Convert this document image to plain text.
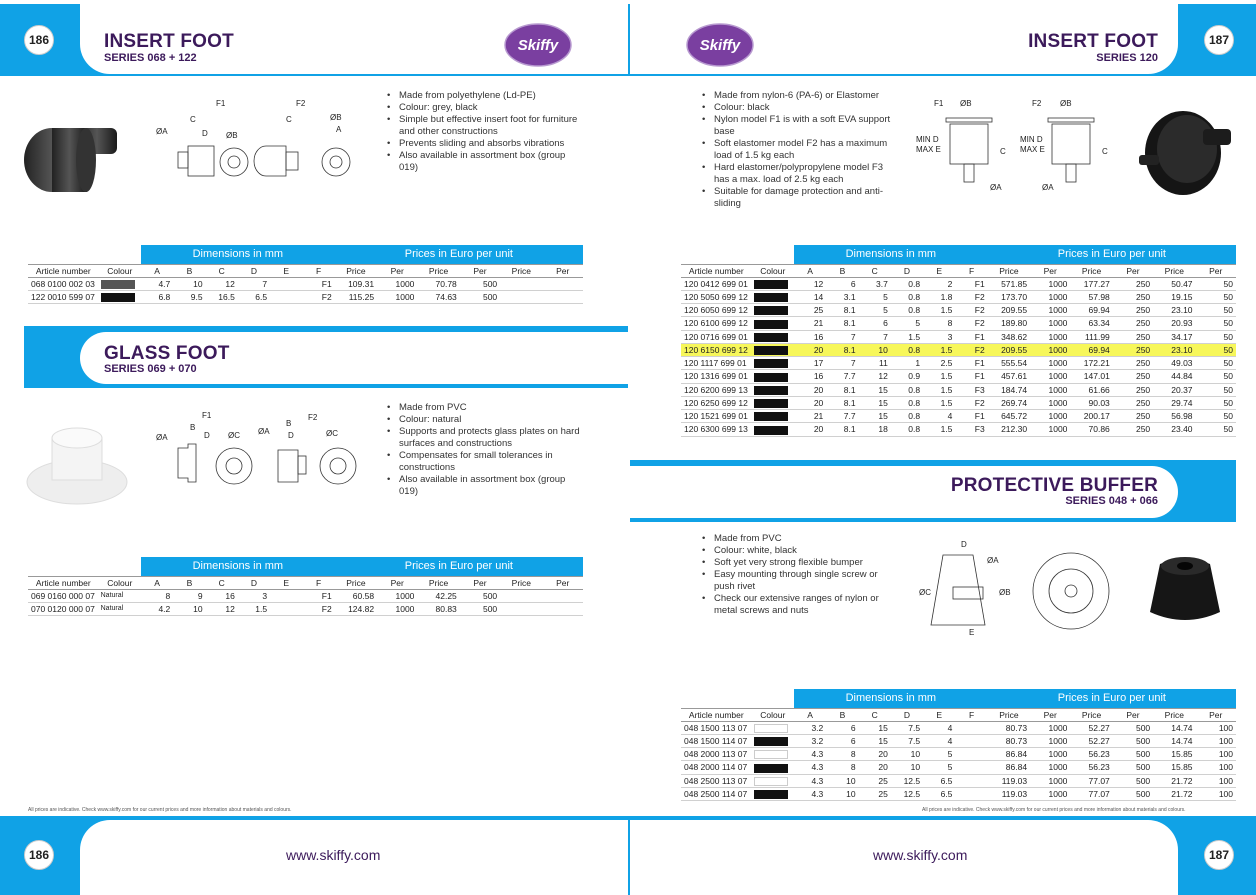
186	187
186	187
Skiffy	Skiffy
INSERT FOOT
SERIES 068 + 122
F1	F2
ØA
C
D ØB
C	ØB
A
• Made from polyethylene (Ld-PE)
• Colour: grey, black
• Simple but effective insert foot for furniture and other constructions
• Prevents sliding and absorbs vibrations
• Also available in assortment box (group 019)
		Dimensions in mm						Prices in Euro per unit					
Article number	Colour	A	B	C	D	E	F	Price	Per	Price	Per	Price	Per
068 0100 002 03		4.7	10	12	7		F1	109.31	1000	70.78	500		
122 0010 599 07		6.8	9.5	16.5	6.5		F2	115.25	1000	74.63	500		
GLASS FOOT
SERIES 069 + 070
F1	F2
ØA
B
D ØC ØA
B
D	ØC
• Made from PVC
• Colour: natural
• Supports and protects glass plates on hard surfaces and constructions
• Compensates for small tolerances in constructions
• Also available in assortment box (group 019)
		Dimensions in mm						Prices in Euro per unit					
Article number	Colour	A	B	C	D	E	F	Price	Per	Price	Per	Price	Per
069 0160 000 07	Natural	8	9	16	3		F1	60.58	1000	42.25	500		
070 0120 000 07	Natural	4.2	10	12	1.5		F2	124.82	1000	80.83	500		
All prices are indicative. Check www.skiffy.com for our current prices and more information about materials and colours.
www.skiffy.com
INSERT FOOT
SERIES 120
• Made from nylon-6 (PA-6) or Elastomer
• Colour: black
• Nylon model F1 is with a soft EVA support base
• Soft elastomer model F2 has a maximum load of 1.5 kg each
• Hard elastomer/polypropylene model F3 has a max. load of 2.5 kg each
• Suitable for damage protection and anti-sliding
F1 ØB
MIN D
MAX E	C
ØA
F2 ØB
MIN D
MAX E	C
ØA
		Dimensions in mm						Prices in Euro per unit					
Article number	Colour	A	B	C	D	E	F	Price	Per	Price	Per	Price	Per
120 0412 699 01		12	6	3.7	0.8	2	F1	571.85	1000	177.27	250	50.47	50
120 5050 699 12		14	3.1	5	0.8	1.8	F2	173.70	1000	57.98	250	19.15	50
120 6050 699 12		25	8.1	5	0.8	1.5	F2	209.55	1000	69.94	250	23.10	50
120 6100 699 12		21	8.1	6	5	8	F2	189.80	1000	63.34	250	20.93	50
120 0716 699 01		16	7	7	1.5	3	F1	348.62	1000	111.99	250	34.17	50
120 6150 699 12		20	8.1	10	0.8	1.5	F2	209.55	1000	69.94	250	23.10	50
120 1117 699 01		17	7	11	1	2.5	F1	555.54	1000	172.21	250	49.03	50
120 1316 699 01		16	7.7	12	0.9	1.5	F1	457.61	1000	147.01	250	44.84	50
120 6200 699 13		20	8.1	15	0.8	1.5	F3	184.74	1000	61.66	250	20.37	50
120 6250 699 12		20	8.1	15	0.8	1.5	F2	269.74	1000	90.03	250	29.74	50
120 1521 699 01		21	7.7	15	0.8	4	F1	645.72	1000	200.17	250	56.98	50
120 6300 699 13		20	8.1	18	0.8	1.5	F3	212.30	1000	70.86	250	23.40	50
PROTECTIVE BUFFER
SERIES 048 + 066
• Made from PVC
• Colour: white, black
• Soft yet very strong flexible bumper
• Easy mounting through single screw or push rivet
• Check our extensive ranges of nylon or metal screws and nuts
D
ØA
ØC	ØB
E
		Dimensions in mm						Prices in Euro per unit					
Article number	Colour	A	B	C	D	E	F	Price	Per	Price	Per	Price	Per
048 1500 113 07		3.2	6	15	7.5	4		80.73	1000	52.27	500	14.74	100
048 1500 114 07		3.2	6	15	7.5	4		80.73	1000	52.27	500	14.74	100
048 2000 113 07		4.3	8	20	10	5		86.84	1000	56.23	500	15.85	100
048 2000 114 07		4.3	8	20	10	5		86.84	1000	56.23	500	15.85	100
048 2500 113 07		4.3	10	25	12.5	6.5		119.03	1000	77.07	500	21.72	100
048 2500 114 07		4.3	10	25	12.5	6.5		119.03	1000	77.07	500	21.72	100
All prices are indicative. Check www.skiffy.com for our current prices and more information about materials and colours.
www.skiffy.com
